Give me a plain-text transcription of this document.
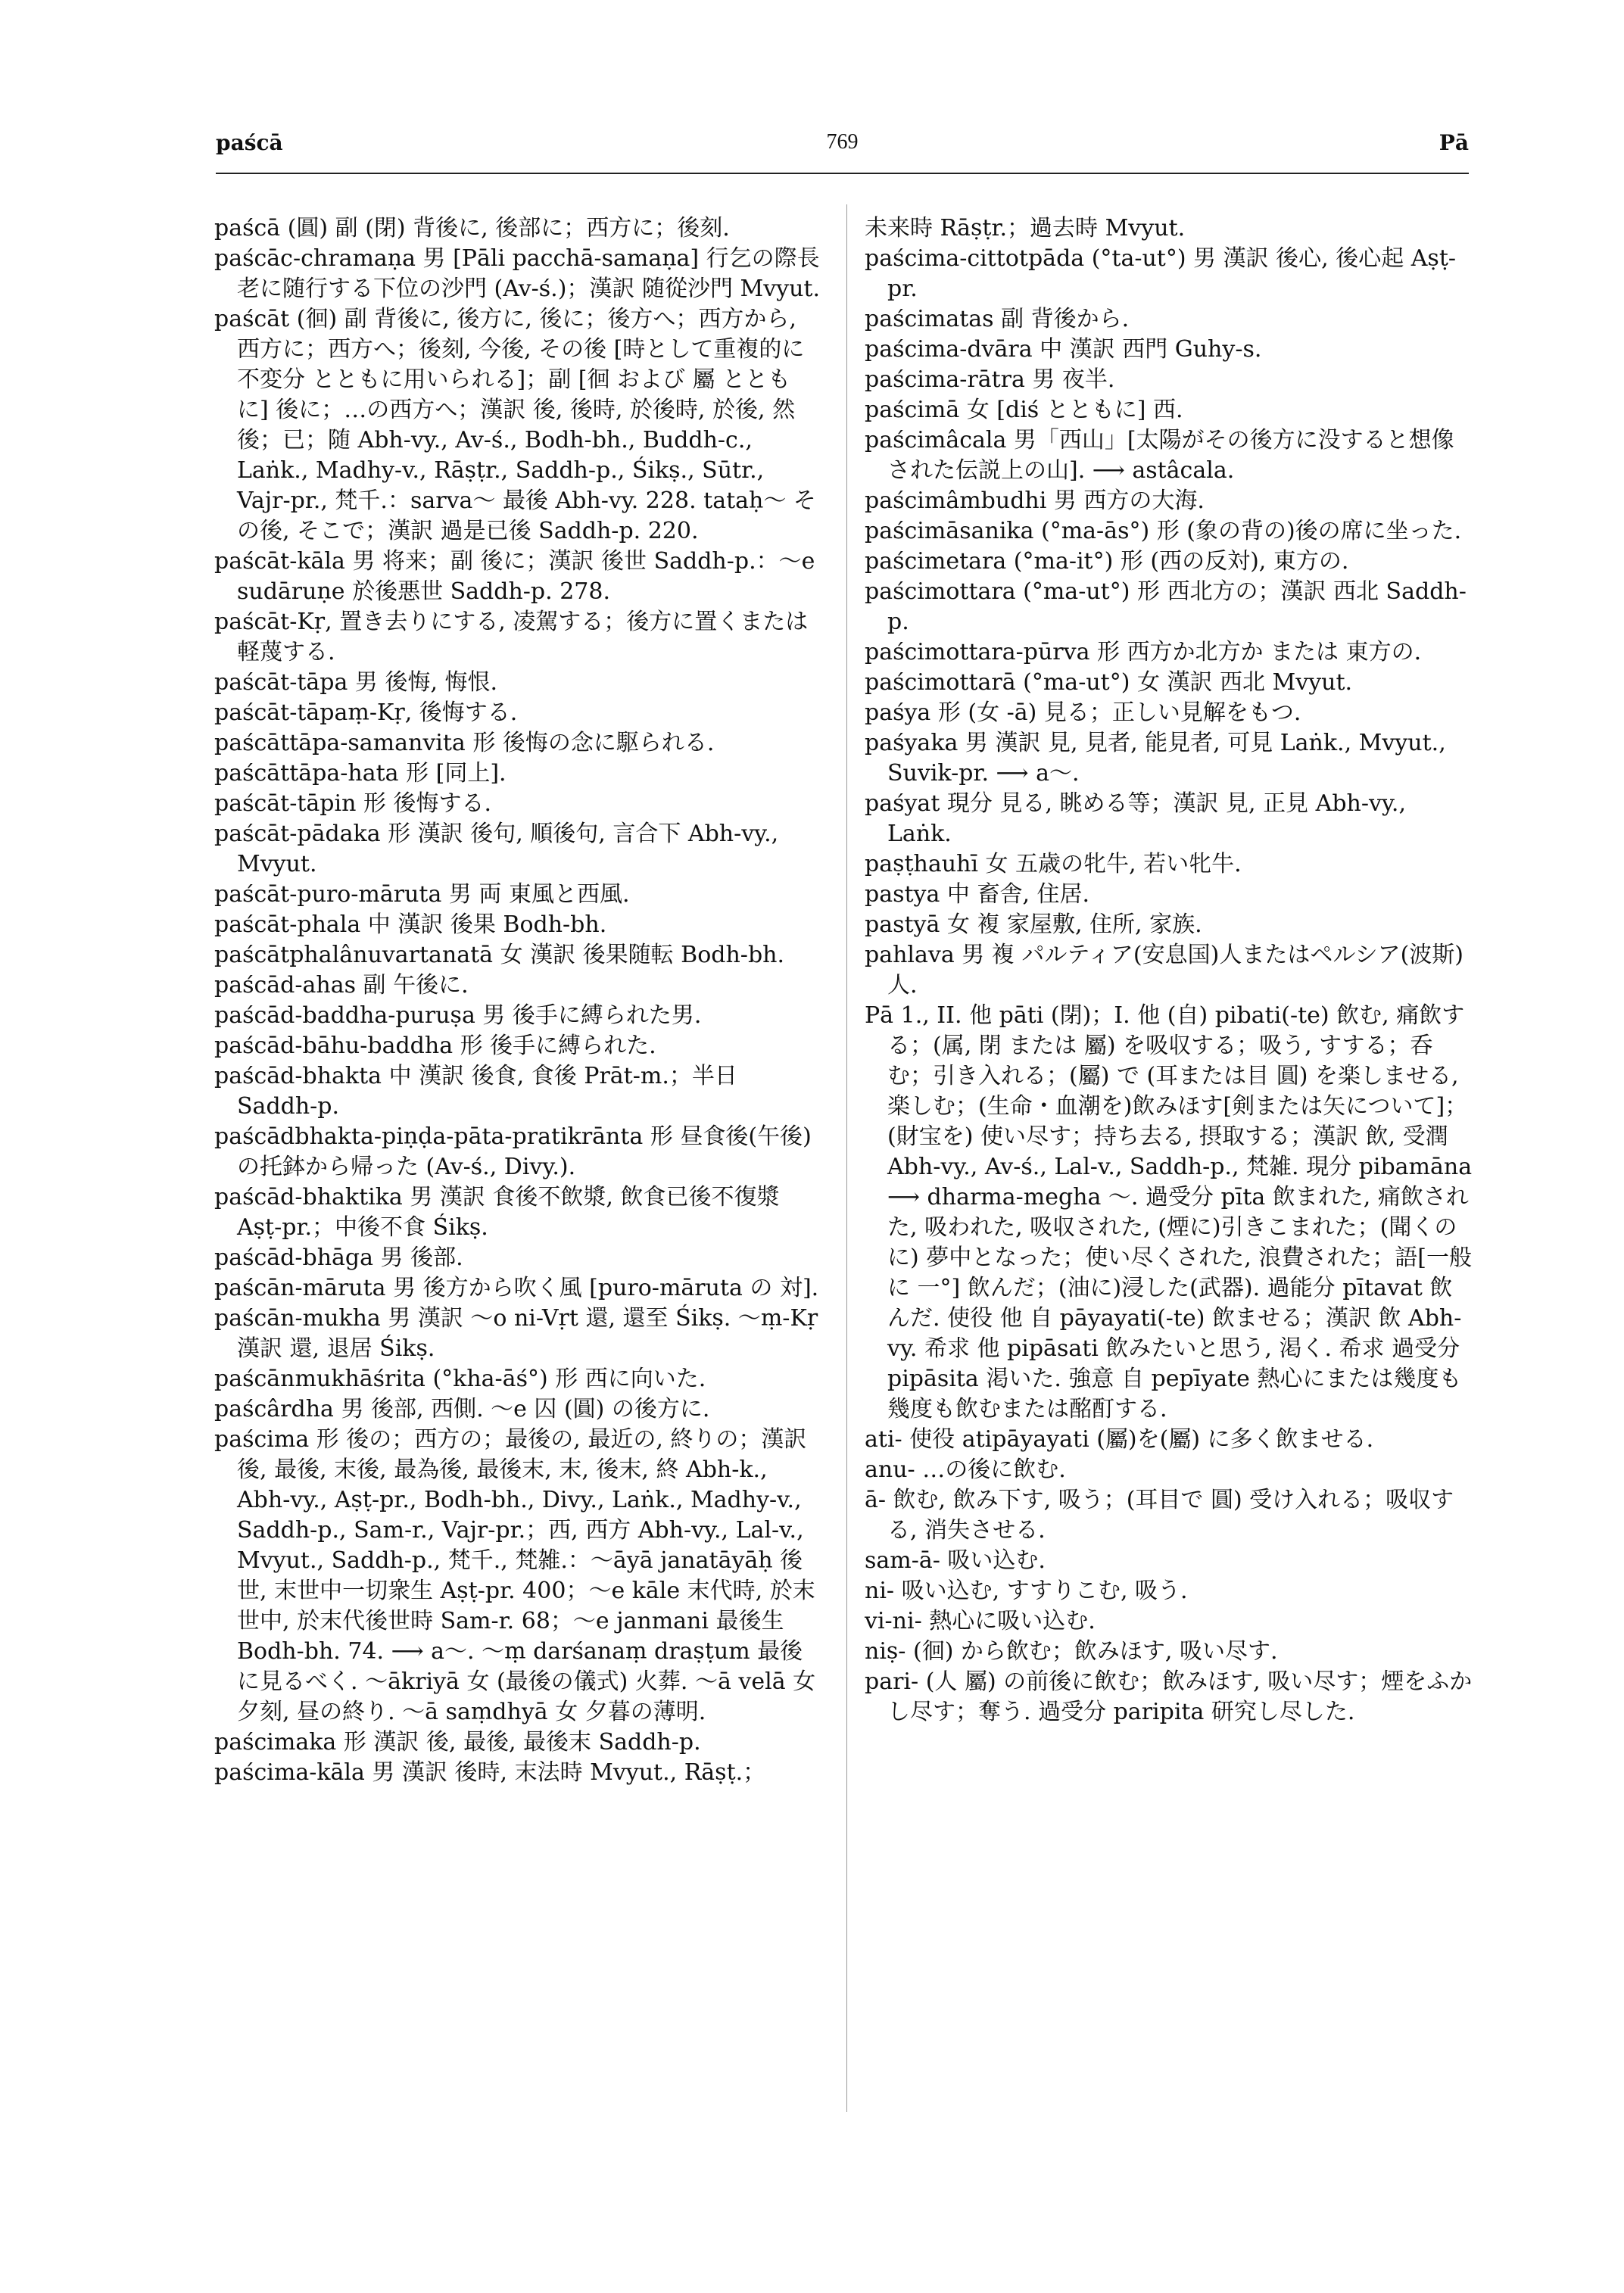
paścā	769	Pā

paścā (圓) 副 (閉) 背後に, 後部に；西方に；後刻.

paścāc-chramaṇa 男 [Pāli pacchā-samaṇa] 行乞の際長老に随行する下位の沙門 (Av-ś.)；漢訳 随從沙門 Mvyut.

paścāt (徊) 副 背後に, 後方に, 後に；後方へ；西方から, 西方に；西方へ；後刻, 今後, その後 [時として重複的に 不変分 とともに用いられる]；副 [徊 および 屬 とともに] 後に；…の西方へ；漢訳 後, 後時, 於後時, 於後, 然後；已；随 Abh-vy., Av-ś., Bodh-bh., Buddh-c., Laṅk., Madhy-v., Rāṣṭr., Saddh-p., Śikṣ., Sūtr., Vajr-pr., 梵千.：sarva～ 最後 Abh-vy. 228. tataḥ～ その後, そこで；漢訳 過是已後 Saddh-p. 220.

paścāt-kāla 男 将来；副 後に；漢訳 後世 Saddh-p.：～e sudāruṇe 於後悪世 Saddh-p. 278.

paścāt-Kṛ, 置き去りにする, 凌駕する；後方に置くまたは軽蔑する.

paścāt-tāpa 男 後悔, 悔恨.

paścāt-tāpaṃ-Kṛ, 後悔する.

paścāttāpa-samanvita 形 後悔の念に駆られる.

paścāttāpa-hata 形 [同上].

paścāt-tāpin 形 後悔する.

paścāt-pādaka 形 漢訳 後句, 順後句, 言合下 Abh-vy., Mvyut.

paścāt-puro-māruta 男 両 東風と西風.

paścāt-phala 中 漢訳 後果 Bodh-bh.

paścātphalânuvartanatā 女 漢訳 後果随転 Bodh-bh.

paścād-ahas 副 午後に.

paścād-baddha-puruṣa 男 後手に縛られた男.

paścād-bāhu-baddha 形 後手に縛られた.

paścād-bhakta 中 漢訳 後食, 食後 Prāt-m.；半日 Saddh-p.

paścādbhakta-piṇḍa-pāta-pratikrānta 形 昼食後(午後)の托鉢から帰った (Av-ś., Divy.).

paścād-bhaktika 男 漢訳 食後不飲漿, 飲食已後不復漿 Aṣṭ-pr.；中後不食 Śikṣ.

paścād-bhāga 男 後部.

paścān-māruta 男 後方から吹く風 [puro-māruta の 対].

paścān-mukha 男 漢訳 ～o ni-Vṛt 還, 還至 Śikṣ. ～ṃ-Kṛ 漢訳 還, 退居 Śikṣ.

paścānmukhāśrita (°kha-āś°) 形 西に向いた.

paścârdha 男 後部, 西側. ～e 囚 (圓) の後方に.

paścima 形 後の；西方の；最後の, 最近の, 終りの；漢訳 後, 最後, 末後, 最為後, 最後末, 末, 後末, 終 Abh-k., Abh-vy., Aṣṭ-pr., Bodh-bh., Divy., Laṅk., Madhy-v., Saddh-p., Sam-r., Vajr-pr.；西, 西方 Abh-vy., Lal-v., Mvyut., Saddh-p., 梵千., 梵雑.：～āyā janatāyāḥ 後世, 末世中一切衆生 Aṣṭ-pr. 400；～e kāle 末代時, 於末世中, 於末代後世時 Sam-r. 68；～e janmani 最後生 Bodh-bh. 74. ⟶ a～. ～ṃ darśanaṃ draṣṭum 最後に見るべく. ～ākriyā 女 (最後の儀式) 火葬. ～ā velā 女 夕刻, 昼の終り. ～ā saṃdhyā 女 夕暮の薄明.

paścimaka 形 漢訳 後, 最後, 最後末 Saddh-p.

paścima-kāla 男 漢訳 後時, 末法時 Mvyut., Rāṣṭ.；

未来時 Rāṣṭr.；過去時 Mvyut.

paścima-cittotpāda (°ta-ut°) 男 漢訳 後心, 後心起 Aṣṭ-pr.

paścimatas 副 背後から.

paścima-dvāra 中 漢訳 西門 Guhy-s.

paścima-rātra 男 夜半.

paścimā 女 [diś とともに] 西.

paścimâcala 男「西山」[太陽がその後方に没すると想像された伝説上の山]. ⟶ astâcala.

paścimâmbudhi 男 西方の大海.

paścimāsanika (°ma-ās°) 形 (象の背の)後の席に坐った.

paścimetara (°ma-it°) 形 (西の反対), 東方の.

paścimottara (°ma-ut°) 形 西北方の；漢訳 西北 Saddh-p.

paścimottara-pūrva 形 西方か北方か または 東方の.

paścimottarā (°ma-ut°) 女 漢訳 西北 Mvyut.

paśya 形 (女 -ā) 見る；正しい見解をもつ.

paśyaka 男 漢訳 見, 見者, 能見者, 可見 Laṅk., Mvyut., Suvik-pr. ⟶ a～.

paśyat 現分 見る, 眺める等；漢訳 見, 正見 Abh-vy., Laṅk.

paṣṭhauhī 女 五歳の牝牛, 若い牝牛.

pastya 中 畜舎, 住居.

pastyā 女 複 家屋敷, 住所, 家族.

pahlava 男 複 パルティア(安息国)人またはペルシア(波斯)人.

Pā 1., II. 他 pāti (閉)；I. 他 (自) pibati(-te) 飲む, 痛飲する；(属, 閉 または 屬) を吸収する；吸う, すする；呑む；引き入れる；(屬) で (耳または目 圓) を楽しませる, 楽しむ；(生命・血潮を)飲みほす[剣または矢について]；(財宝を) 使い尽す；持ち去る, 摂取する；漢訳 飲, 受潤 Abh-vy., Av-ś., Lal-v., Saddh-p., 梵雑. 現分 pibamāna ⟶ dharma-megha ～. 過受分 pīta 飲まれた, 痛飲された, 吸われた, 吸収された, (煙に)引きこまれた；(聞くのに) 夢中となった；使い尽くされた, 浪費された；語[一般に 一°] 飲んだ；(油に)浸した(武器). 過能分 pītavat 飲んだ. 使役 他 自 pāyayati(-te) 飲ませる；漢訳 飲 Abh-vy. 希求 他 pipāsati 飲みたいと思う, 渇く. 希求 過受分 pipāsita 渇いた. 強意 自 pepīyate 熱心にまたは幾度も幾度も飲むまたは酩酊する.

ati- 使役 atipāyayati (屬)を(屬) に多く飲ませる.

anu- …の後に飲む.

ā- 飲む, 飲み下す, 吸う；(耳目で 圓) 受け入れる；吸収する, 消失させる.

sam-ā- 吸い込む.

ni- 吸い込む, すすりこむ, 吸う.

vi-ni- 熱心に吸い込む.

niṣ- (徊) から飲む；飲みほす, 吸い尽す.

pari- (人 屬) の前後に飲む；飲みほす, 吸い尽す；煙をふかし尽す；奪う. 過受分 paripita 研究し尽した.
